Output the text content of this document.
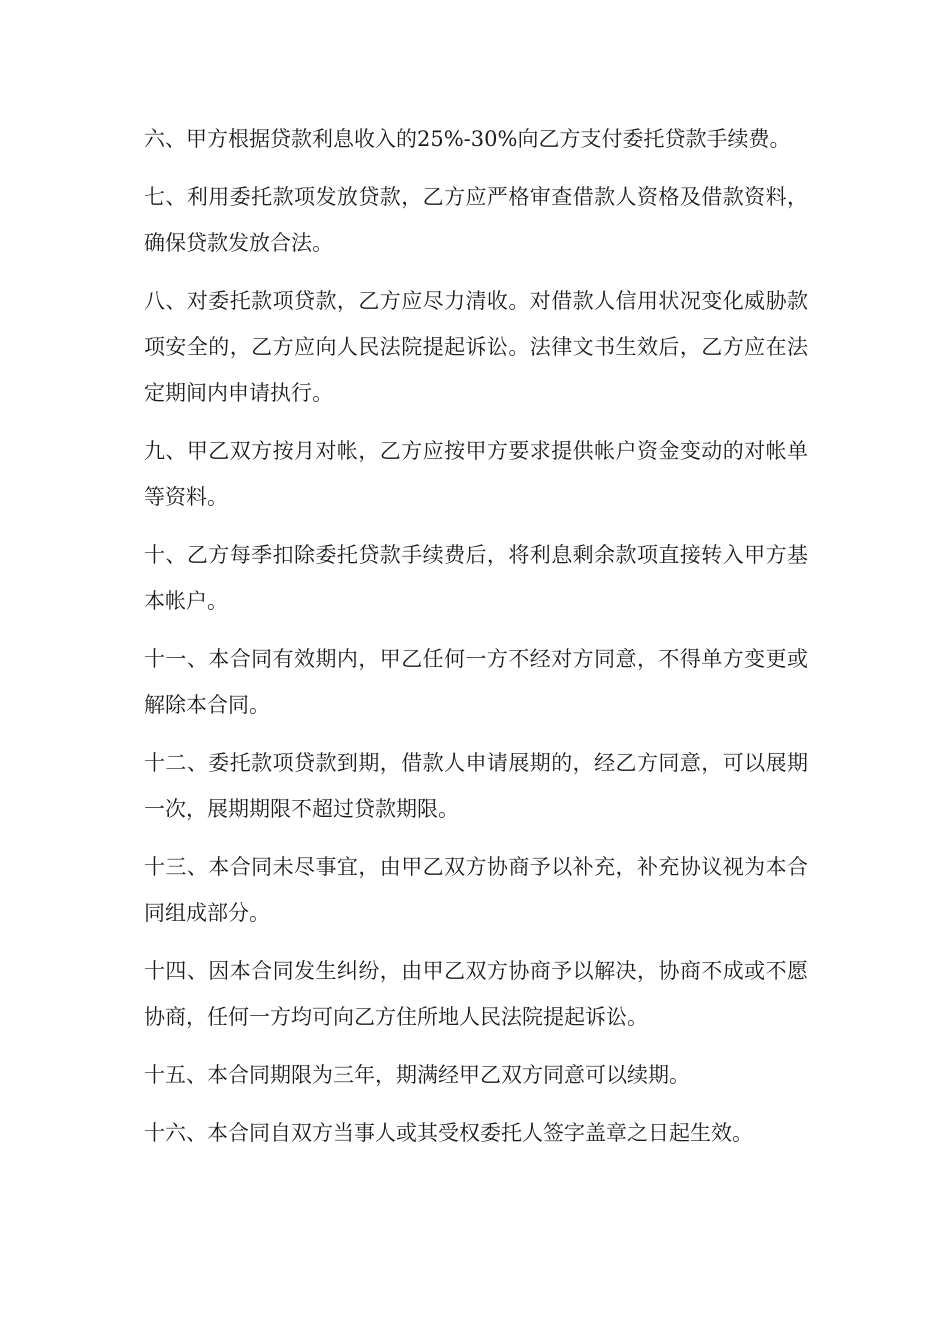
六、甲方根据贷款利息收入的25%-30%向乙方支付委托贷款手续费。

七、利用委托款项发放贷款，乙方应严格审查借款人资格及借款资料，确保贷款发放合法。

八、对委托款项贷款，乙方应尽力清收。对借款人信用状况变化威胁款项安全的，乙方应向人民法院提起诉讼。法律文书生效后，乙方应在法定期间内申请执行。

九、甲乙双方按月对帐，乙方应按甲方要求提供帐户资金变动的对帐单等资料。

十、乙方每季扣除委托贷款手续费后，将利息剩余款项直接转入甲方基本帐户。

十一、本合同有效期内，甲乙任何一方不经对方同意，不得单方变更或解除本合同。

十二、委托款项贷款到期，借款人申请展期的，经乙方同意，可以展期一次，展期期限不超过贷款期限。

十三、本合同未尽事宜，由甲乙双方协商予以补充，补充协议视为本合同组成部分。

十四、因本合同发生纠纷，由甲乙双方协商予以解决，协商不成或不愿协商，任何一方均可向乙方住所地人民法院提起诉讼。

十五、本合同期限为三年，期满经甲乙双方同意可以续期。

十六、本合同自双方当事人或其受权委托人签字盖章之日起生效。
